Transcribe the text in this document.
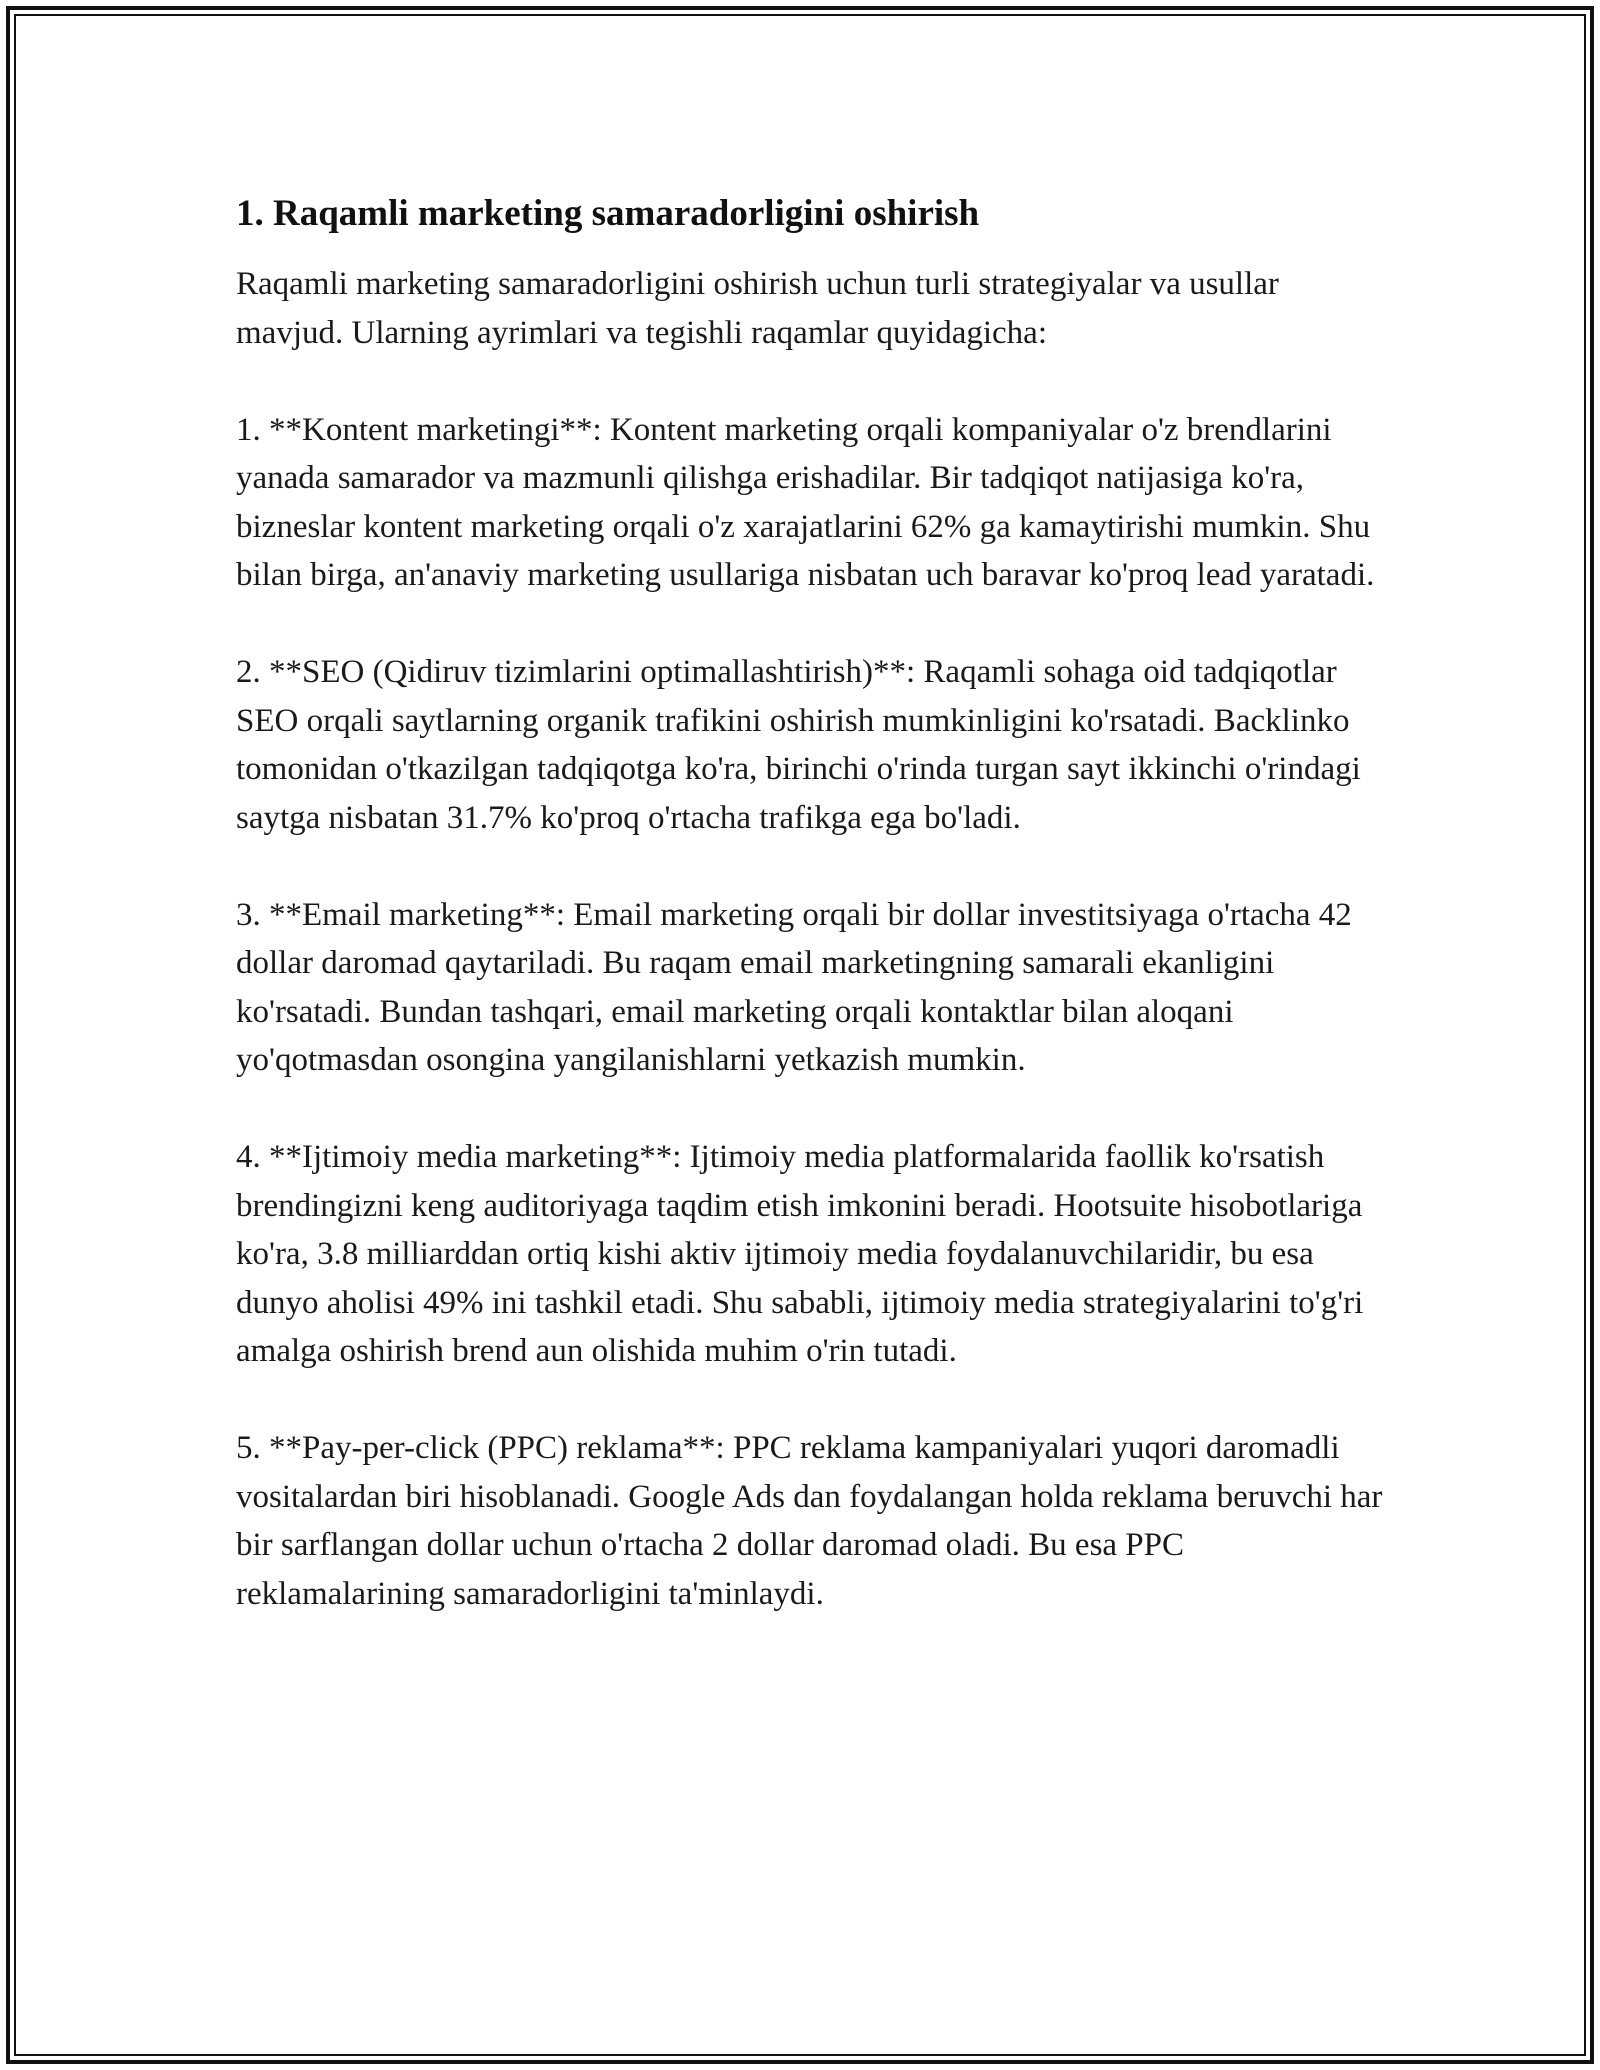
1. Raqamli marketing samaradorligini oshirish

Raqamli marketing samaradorligini oshirish uchun turli strategiyalar va usullar mavjud. Ularning ayrimlari va tegishli raqamlar quyidagicha:

1. **Kontent marketingi**: Kontent marketing orqali kompaniyalar o'z brendlarini yanada samarador va mazmunli qilishga erishadilar. Bir tadqiqot natijasiga ko'ra, bizneslar kontent marketing orqali o'z xarajatlarini 62% ga kamaytirishi mumkin. Shu bilan birga, an'anaviy marketing usullariga nisbatan uch baravar ko'proq lead yaratadi.

2. **SEO (Qidiruv tizimlarini optimallashtirish)**: Raqamli sohaga oid tadqiqotlar SEO orqali saytlarning organik trafikini oshirish mumkinligini ko'rsatadi. Backlinko tomonidan o'tkazilgan tadqiqotga ko'ra, birinchi o'rinda turgan sayt ikkinchi o'rindagi saytga nisbatan 31.7% ko'proq o'rtacha trafikga ega bo'ladi.

3. **Email marketing**: Email marketing orqali bir dollar investitsiyaga o'rtacha 42 dollar daromad qaytariladi. Bu raqam email marketingning samarali ekanligini ko'rsatadi. Bundan tashqari, email marketing orqali kontaktlar bilan aloqani yo'qotmasdan osongina yangilanishlarni yetkazish mumkin.

4. **Ijtimoiy media marketing**: Ijtimoiy media platformalarida faollik ko'rsatish brendingizni keng auditoriyaga taqdim etish imkonini beradi. Hootsuite hisobotlariga ko'ra, 3.8 milliarddan ortiq kishi aktiv ijtimoiy media foydalanuvchilaridir, bu esa dunyo aholisi 49% ini tashkil etadi. Shu sababli, ijtimoiy media strategiyalarini to'g'ri amalga oshirish brend aun olishida muhim o'rin tutadi.

5. **Pay-per-click (PPC) reklama**: PPC reklama kampaniyalari yuqori daromadli vositalardan biri hisoblanadi. Google Ads dan foydalangan holda reklama beruvchi har bir sarflangan dollar uchun o'rtacha 2 dollar daromad oladi. Bu esa PPC reklamalarining samaradorligini ta'minlaydi.
